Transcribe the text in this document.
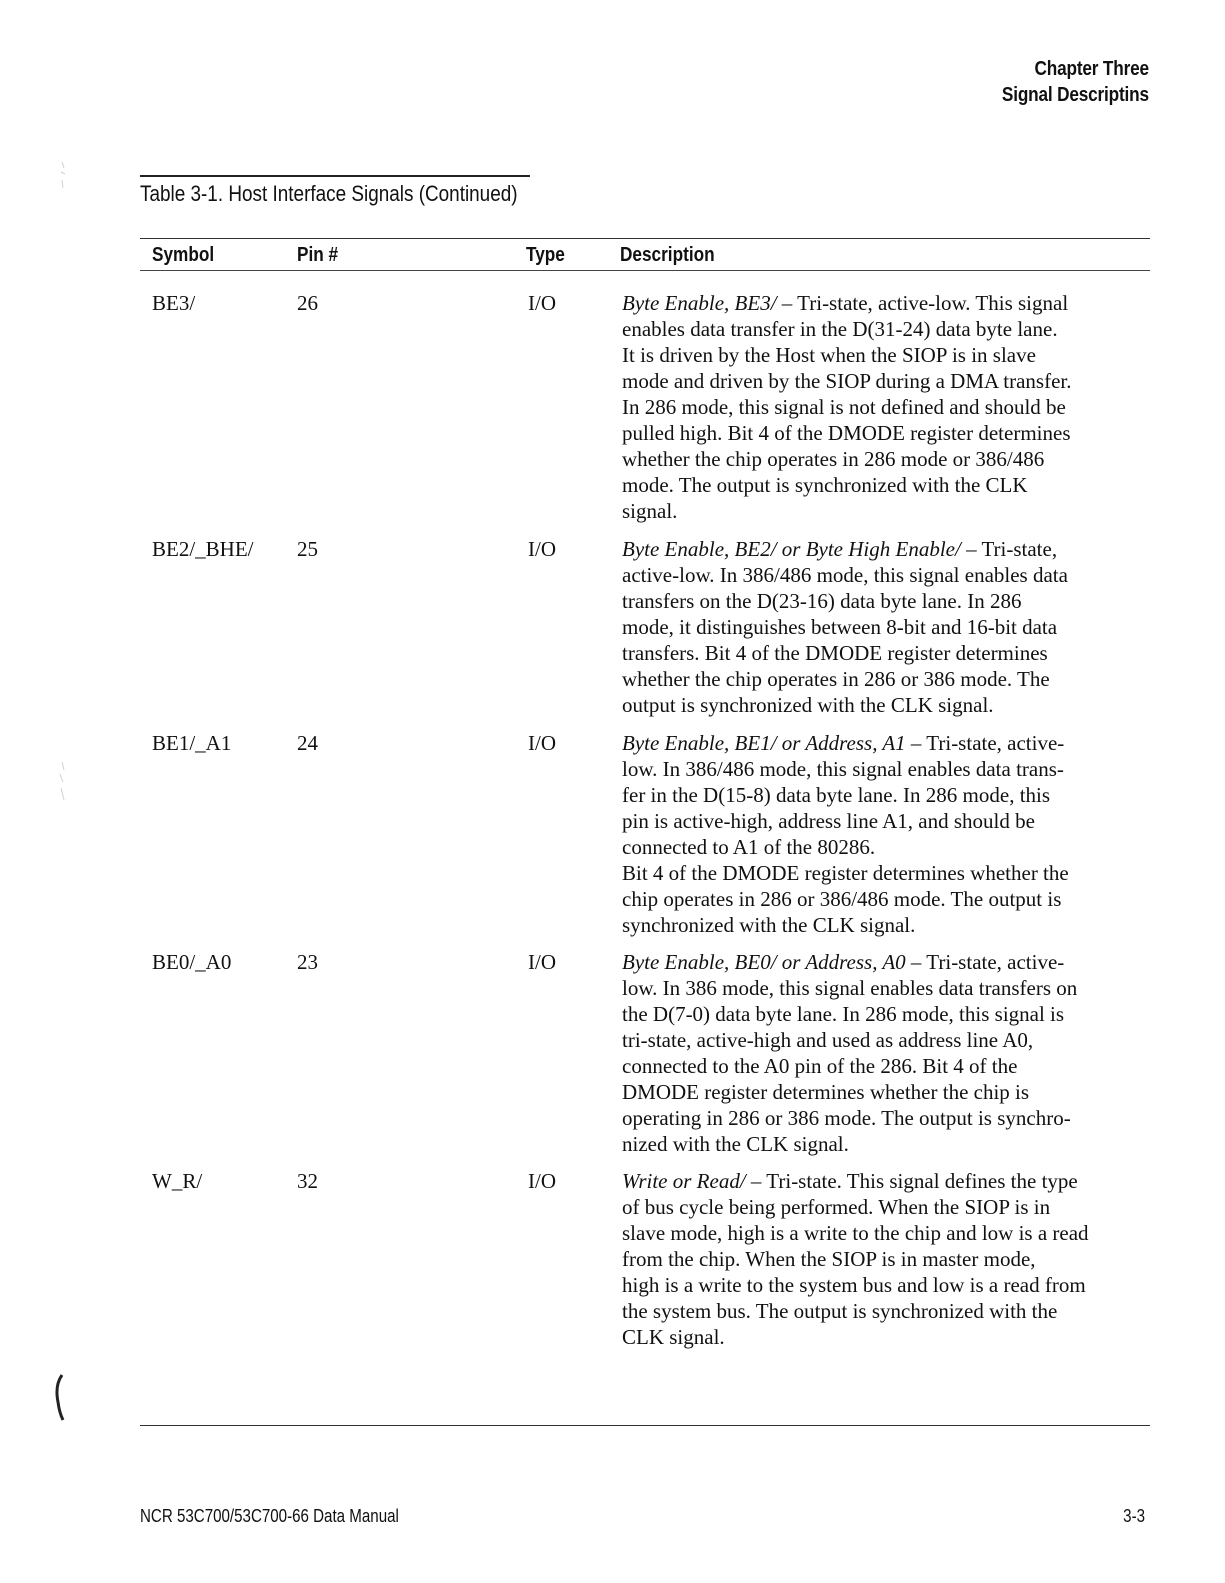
Chapter Three
Signal Descriptins
Table 3-1. Host Interface Signals (Continued)
Symbol	Pin #	Type	Description
BE3/	26	I/O	Byte Enable, BE3/ – Tri-state, active-low. This signal
enables data transfer in the D(31-24) data byte lane.
It is driven by the Host when the SIOP is in slave
mode and driven by the SIOP during a DMA transfer.
In 286 mode, this signal is not defined and should be
pulled high. Bit 4 of the DMODE register determines
whether the chip operates in 286 mode or 386/486
mode. The output is synchronized with the CLK
signal.
BE2/_BHE/ 25	I/O	Byte Enable, BE2/ or Byte High Enable/ – Tri-state,
active-low. In 386/486 mode, this signal enables data
transfers on the D(23-16) data byte lane. In 286
mode, it distinguishes between 8-bit and 16-bit data
transfers. Bit 4 of the DMODE register determines
whether the chip operates in 286 or 386 mode. The
output is synchronized with the CLK signal.
BE1/_A1	24	I/O	Byte Enable, BE1/ or Address, A1 – Tri-state, active-
low. In 386/486 mode, this signal enables data trans-
fer in the D(15-8) data byte lane. In 286 mode, this
pin is active-high, address line A1, and should be
connected to A1 of the 80286.
Bit 4 of the DMODE register determines whether the
chip operates in 286 or 386/486 mode. The output is
synchronized with the CLK signal.
BE0/_A0	23	I/O	Byte Enable, BE0/ or Address, A0 – Tri-state, active-
low. In 386 mode, this signal enables data transfers on
the D(7-0) data byte lane. In 286 mode, this signal is
tri-state, active-high and used as address line A0,
connected to the A0 pin of the 286. Bit 4 of the
DMODE register determines whether the chip is
operating in 286 or 386 mode. The output is synchro-
nized with the CLK signal.
W_R/	32	I/O	Write or Read/ – Tri-state. This signal defines the type
of bus cycle being performed. When the SIOP is in
slave mode, high is a write to the chip and low is a read
from the chip. When the SIOP is in master mode,
high is a write to the system bus and low is a read from
the system bus. The output is synchronized with the
CLK signal.
NCR 53C700/53C700-66 Data Manual	3-3
